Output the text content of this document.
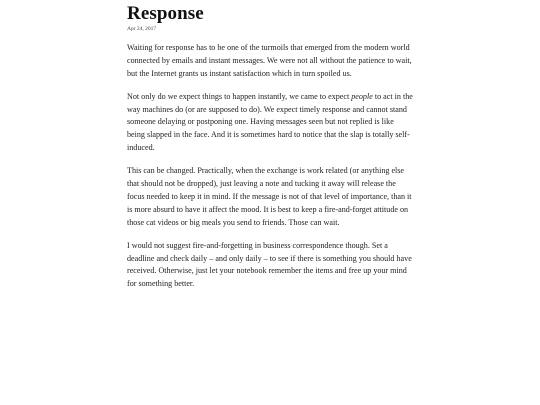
Response
Apr 24, 2017

Waiting for response has to be one of the turmoils that emerged from the modern world connected by emails and instant messages. We were not all without the patience to wait, but the Internet grants us instant satisfaction which in turn spoiled us.

Not only do we expect things to happen instantly, we came to expect people to act in the way machines do (or are supposed to do). We expect timely response and cannot stand someone delaying or postponing one. Having messages seen but not replied is like being slapped in the face. And it is sometimes hard to notice that the slap is totally self-induced.

This can be changed. Practically, when the exchange is work related (or anything else that should not be dropped), just leaving a note and tucking it away will release the focus needed to keep it in mind. If the message is not of that level of importance, than it is more absurd to have it affect the mood. It is best to keep a fire-and-forget attitude on those cat videos or big meals you send to friends. Those can wait.

I would not suggest fire-and-forgetting in business correspondence though. Set a deadline and check daily – and only daily – to see if there is something you should have received. Otherwise, just let your notebook remember the items and free up your mind for something better.
